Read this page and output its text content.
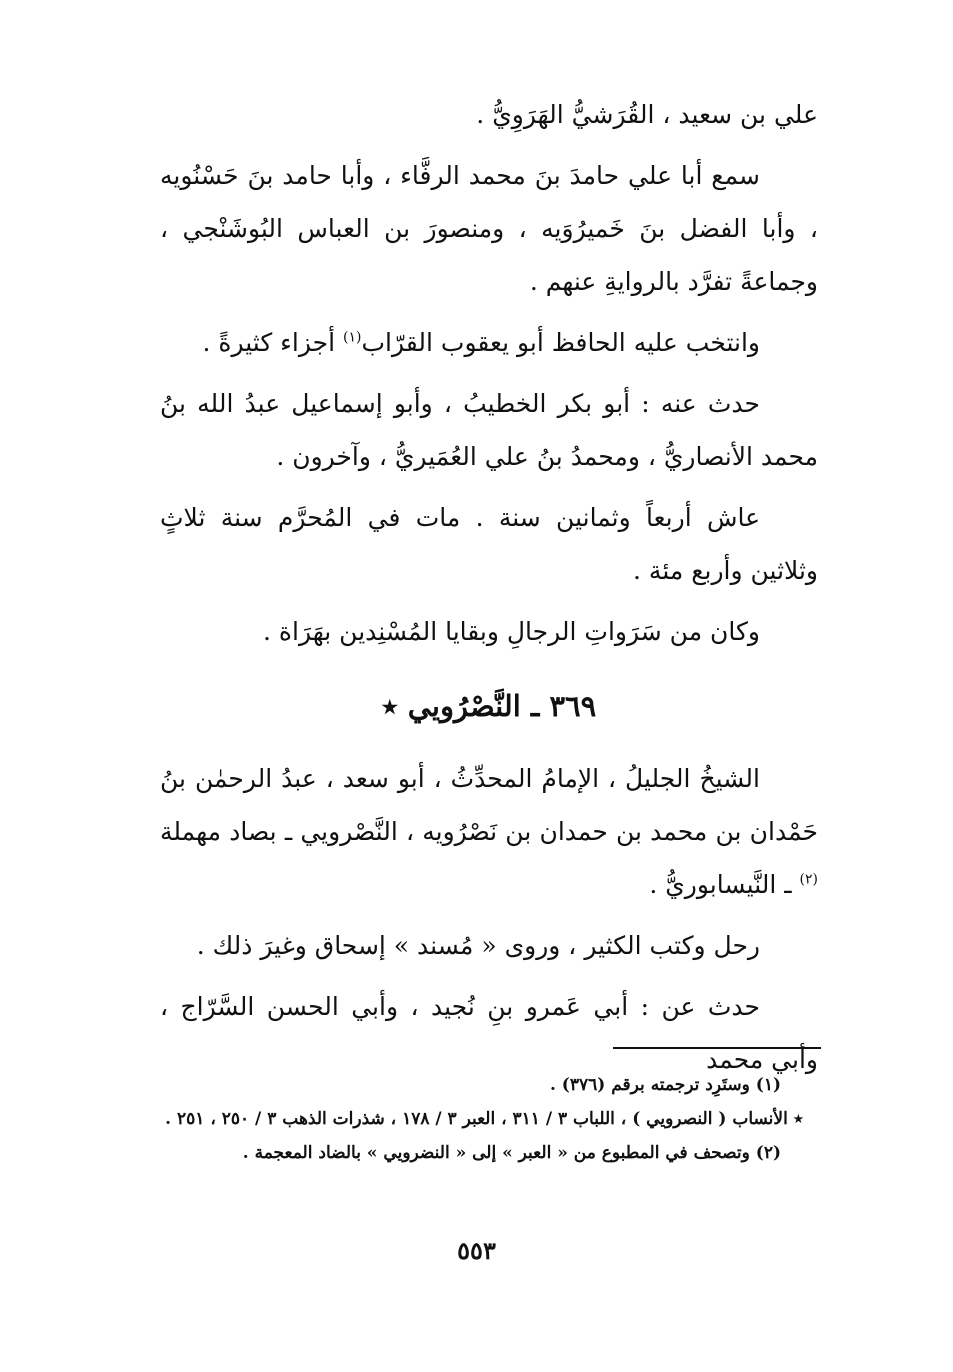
علي بن سعيد ، القُرَشيُّ الهَرَوِيُّ .

سمع أبا علي حامدَ بنَ محمد الرفَّاء ، وأبا حامد بنَ حَسْنُويه ، وأبا الفضل بنَ خَميرُوَيه ، ومنصورَ بن العباس البُوشَنْجي ، وجماعةً تفرَّد بالروايةِ عنهم .

وانتخب عليه الحافظ أبو يعقوب القرّاب$^{(١)}$ أجزاء كثيرةً .

حدث عنه : أبو بكر الخطيبُ ، وأبو إسماعيل عبدُ الله بنُ محمد الأنصاريُّ ، ومحمدُ بنُ علي العُمَيريُّ ، وآخرون .

عاش أربعاً وثمانين سنة . مات في المُحرَّم سنة ثلاثٍ وثلاثين وأربع مئة .

وكان من سَرَواتِ الرجالِ وبقايا المُسْنِدين بهَرَاة .

٣٦٩ ـ النَّصْرُويي ٭

الشيخُ الجليلُ ، الإمامُ المحدِّثُ ، أبو سعد ، عبدُ الرحمٰن بنُ حَمْدان بن محمد بن حمدان بن نَصْرُويه ، النَّصْرويي ـ بصاد مهملة $^{(٢)}$ ـ النَّيسابوريُّ .

رحل وكتب الكثير ، وروى « مُسند » إسحاق وغيرَ ذلك .

حدث عن : أبي عَمرو بنِ نُجيد ، وأبي الحسن السَّرّاج ، وأبي محمد

(١) وستَرِد ترجمته برقم (٣٧٦) .

٭ الأنساب ( النصرويي ) ، اللباب ٣ / ٣١١ ، العبر ٣ / ١٧٨ ، شذرات الذهب ٣ / ٢٥٠ ، ٢٥١ .

(٢) وتصحف في المطبوع من « العبر » إلى « النضرويي » بالضاد المعجمة .

٥٥٣
